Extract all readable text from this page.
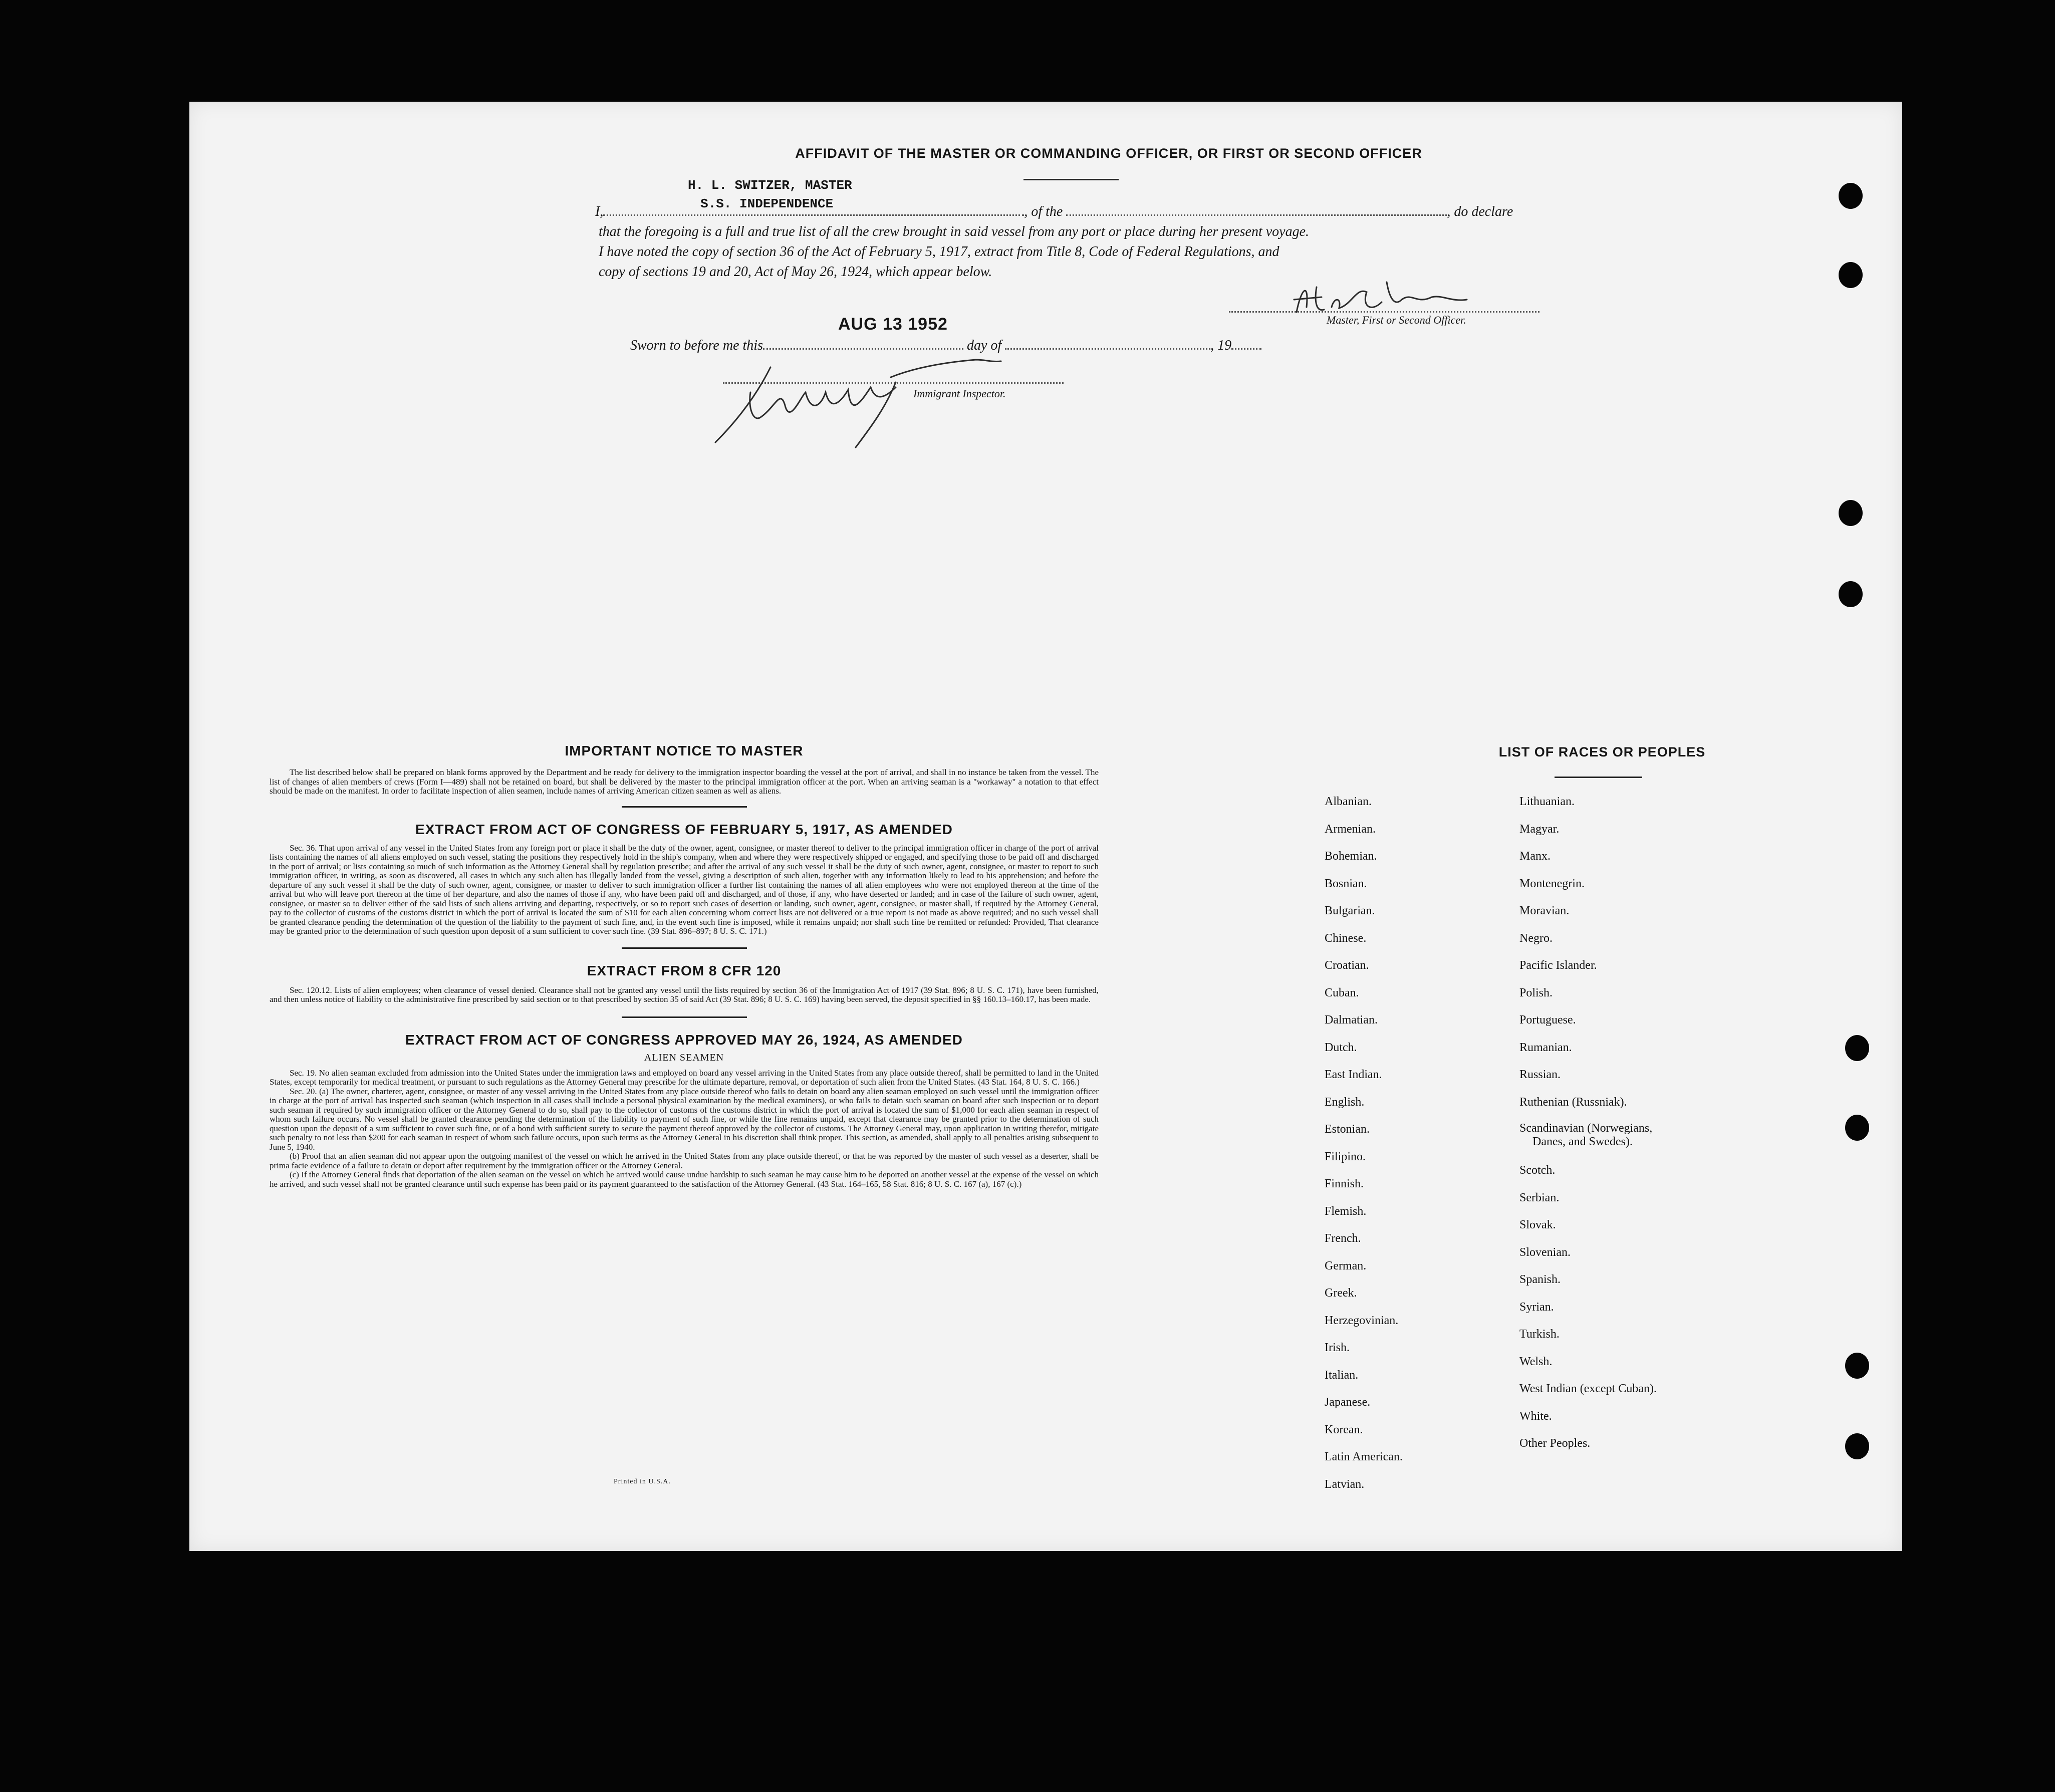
AFFIDAVIT OF THE MASTER OR COMMANDING OFFICER, OR FIRST OR SECOND OFFICER
H. L. SWITZER, MASTER
S.S. INDEPENDENCE
I,	, of the	, do declare
that the foregoing is a full and true list of all the crew brought in said vessel from any port or place during her present voyage.
I have noted the copy of section 36 of the Act of February 5, 1917, extract from Title 8, Code of Federal Regulations, and
copy of sections 19 and 20, Act of May 26, 1924, which appear below.
Master, First or Second Officer.
AUG 13 1952
Sworn to before me this	day of	, 19
Immigrant Inspector.
IMPORTANT NOTICE TO MASTER

The list described below shall be prepared on blank forms approved by the Department and be ready for delivery to the immigration inspector boarding the vessel at the port of arrival, and shall in no instance be taken from the vessel. The list of changes of alien members of crews (Form I—489) shall not be retained on board, but shall be delivered by the master to the principal immigration officer at the port. When an arriving seaman is a "workaway" a notation to that effect should be made on the manifest. In order to facilitate inspection of alien seamen, include names of arriving American citizen seamen as well as aliens.

EXTRACT FROM ACT OF CONGRESS OF FEBRUARY 5, 1917, AS AMENDED

Sec. 36. That upon arrival of any vessel in the United States from any foreign port or place it shall be the duty of the owner, agent, consignee, or master thereof to deliver to the principal immigration officer in charge of the port of arrival lists containing the names of all aliens employed on such vessel, stating the positions they respectively hold in the ship's company, when and where they were respectively shipped or engaged, and specifying those to be paid off and discharged in the port of arrival; or lists containing so much of such information as the Attorney General shall by regulation prescribe; and after the arrival of any such vessel it shall be the duty of such owner, agent, consignee, or master to report to such immigration officer, in writing, as soon as discovered, all cases in which any such alien has illegally landed from the vessel, giving a description of such alien, together with any information likely to lead to his apprehension; and before the departure of any such vessel it shall be the duty of such owner, agent, consignee, or master to deliver to such immigration officer a further list containing the names of all alien employees who were not employed thereon at the time of the arrival but who will leave port thereon at the time of her departure, and also the names of those if any, who have been paid off and discharged, and of those, if any, who have deserted or landed; and in case of the failure of such owner, agent, consignee, or master so to deliver either of the said lists of such aliens arriving and departing, respectively, or so to report such cases of desertion or landing, such owner, agent, consignee, or master shall, if required by the Attorney General, pay to the collector of customs of the customs district in which the port of arrival is located the sum of $10 for each alien concerning whom correct lists are not delivered or a true report is not made as above required; and no such vessel shall be granted clearance pending the determination of the question of the liability to the payment of such fine, and, in the event such fine is imposed, while it remains unpaid; nor shall such fine be remitted or refunded: Provided, That clearance may be granted prior to the determination of such question upon deposit of a sum sufficient to cover such fine. (39 Stat. 896–897; 8 U. S. C. 171.)

EXTRACT FROM 8 CFR 120

Sec. 120.12. Lists of alien employees; when clearance of vessel denied. Clearance shall not be granted any vessel until the lists required by section 36 of the Immigration Act of 1917 (39 Stat. 896; 8 U. S. C. 171), have been furnished, and then unless notice of liability to the administrative fine prescribed by said section or to that prescribed by section 35 of said Act (39 Stat. 896; 8 U. S. C. 169) having been served, the deposit specified in §§ 160.13–160.17, has been made.

EXTRACT FROM ACT OF CONGRESS APPROVED MAY 26, 1924, AS AMENDED
ALIEN SEAMEN

Sec. 19. No alien seaman excluded from admission into the United States under the immigration laws and employed on board any vessel arriving in the United States from any place outside thereof, shall be permitted to land in the United States, except temporarily for medical treatment, or pursuant to such regulations as the Attorney General may prescribe for the ultimate departure, removal, or deportation of such alien from the United States. (43 Stat. 164, 8 U. S. C. 166.)

Sec. 20. (a) The owner, charterer, agent, consignee, or master of any vessel arriving in the United States from any place outside thereof who fails to detain on board any alien seaman employed on such vessel until the immigration officer in charge at the port of arrival has inspected such seaman (which inspection in all cases shall include a personal physical examination by the medical examiners), or who fails to detain such seaman on board after such inspection or to deport such seaman if required by such immigration officer or the Attorney General to do so, shall pay to the collector of customs of the customs district in which the port of arrival is located the sum of $1,000 for each alien seaman in respect of whom such failure occurs. No vessel shall be granted clearance pending the determination of the liability to payment of such fine, or while the fine remains unpaid, except that clearance may be granted prior to the determination of such question upon the deposit of a sum sufficient to cover such fine, or of a bond with sufficient surety to secure the payment thereof approved by the collector of customs. The Attorney General may, upon application in writing therefor, mitigate such penalty to not less than $200 for each seaman in respect of whom such failure occurs, upon such terms as the Attorney General in his discretion shall think proper. This section, as amended, shall apply to all penalties arising subsequent to June 5, 1940.

(b) Proof that an alien seaman did not appear upon the outgoing manifest of the vessel on which he arrived in the United States from any place outside thereof, or that he was reported by the master of such vessel as a deserter, shall be prima facie evidence of a failure to detain or deport after requirement by the immigration officer or the Attorney General.

(c) If the Attorney General finds that deportation of the alien seaman on the vessel on which he arrived would cause undue hardship to such seaman he may cause him to be deported on another vessel at the expense of the vessel on which he arrived, and such vessel shall not be granted clearance until such expense has been paid or its payment guaranteed to the satisfaction of the Attorney General. (43 Stat. 164–165, 58 Stat. 816; 8 U. S. C. 167 (a), 167 (c).)

Printed in U.S.A.
LIST OF RACES OR PEOPLES
Albanian.
Armenian.
Bohemian.
Bosnian.
Bulgarian.
Chinese.
Croatian.
Cuban.
Dalmatian.
Dutch.
East Indian.
English.
Estonian.
Filipino.
Finnish.
Flemish.
French.
German.
Greek.
Herzegovinian.
Irish.
Italian.
Japanese.
Korean.
Latin American.
Latvian.
Lithuanian.
Magyar.
Manx.
Montenegrin.
Moravian.
Negro.
Pacific Islander.
Polish.
Portuguese.
Rumanian.
Russian.
Ruthenian (Russniak).
Scandinavian (Norwegians,
Danes, and Swedes).
Scotch.
Serbian.
Slovak.
Slovenian.
Spanish.
Syrian.
Turkish.
Welsh.
West Indian (except Cuban).
White.
Other Peoples.
